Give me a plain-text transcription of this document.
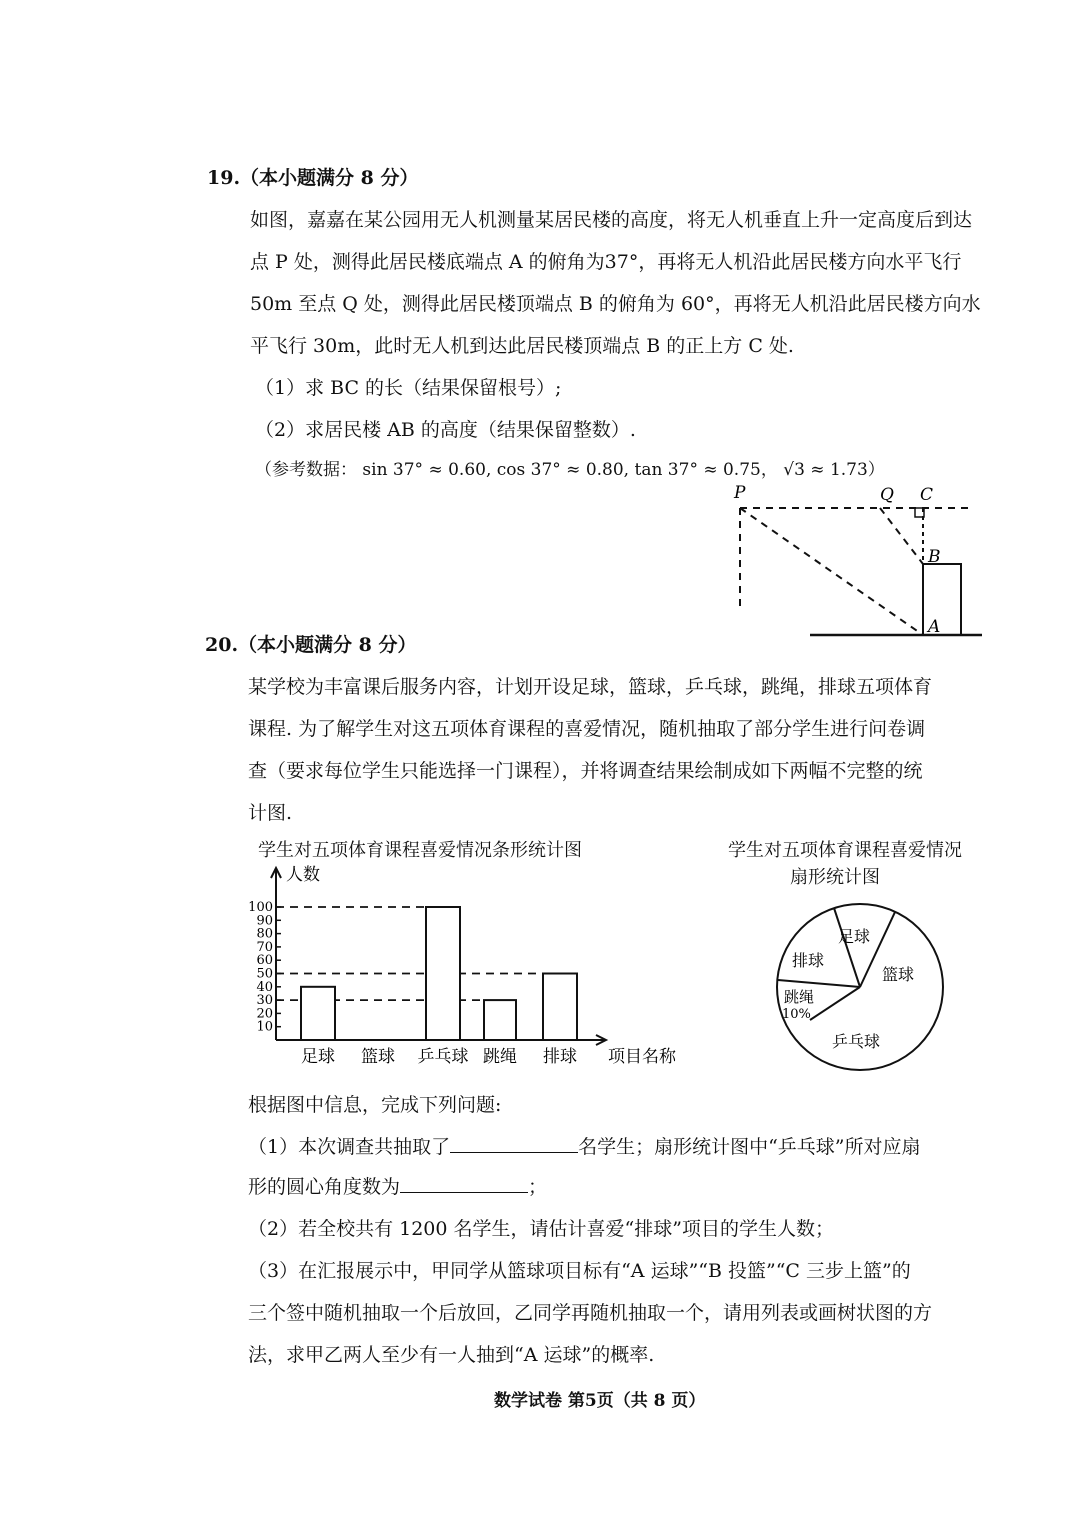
19.（本小题满分 8 分）
如图，嘉嘉在某公园用无人机测量某居民楼的高度，将无人机垂直上升一定高度后到达
点 P 处，测得此居民楼底端点 A 的俯角为37°，再将无人机沿此居民楼方向水平飞行
50m 至点 Q 处，测得此居民楼顶端点 B 的俯角为 60°，再将无人机沿此居民楼方向水
平飞行 30m，此时无人机到达此居民楼顶端点 B 的正上方 C 处.
（1）求 BC 的长（结果保留根号）;
（2）求居民楼 AB 的高度（结果保留整数）.
（参考数据： sin 37° ≈ 0.60, cos 37° ≈ 0.80, tan 37° ≈ 0.75， √3 ≈ 1.73）
P	Q C
B
A
20.（本小题满分 8 分）
某学校为丰富课后服务内容，计划开设足球，篮球，乒乓球，跳绳，排球五项体育
课程. 为了解学生对这五项体育课程的喜爱情况，随机抽取了部分学生进行问卷调
查（要求每位学生只能选择一门课程），并将调查结果绘制成如下两幅不完整的统
计图.
学生对五项体育课程喜爱情况条形统计图
10
20
30
40
50
60
70
80
90
100
足球 篮球 乒乓球 跳绳 排球
人数
项目名称
学生对五项体育课程喜爱情况
扇形统计图
足球
篮球
乒乓球
跳绳
10%
排球
根据图中信息，完成下列问题:
（1）本次调查共抽取了	名学生；扇形统计图中“乒乓球”所对应扇
形的圆心角度数为	；
（2）若全校共有 1200 名学生，请估计喜爱“排球”项目的学生人数；
（3）在汇报展示中，甲同学从篮球项目标有“A 运球”“B 投篮”“C 三步上篮”的
三个签中随机抽取一个后放回，乙同学再随机抽取一个，请用列表或画树状图的方
法，求甲乙两人至少有一人抽到“A 运球”的概率.
数学试卷 第5页（共 8 页）
